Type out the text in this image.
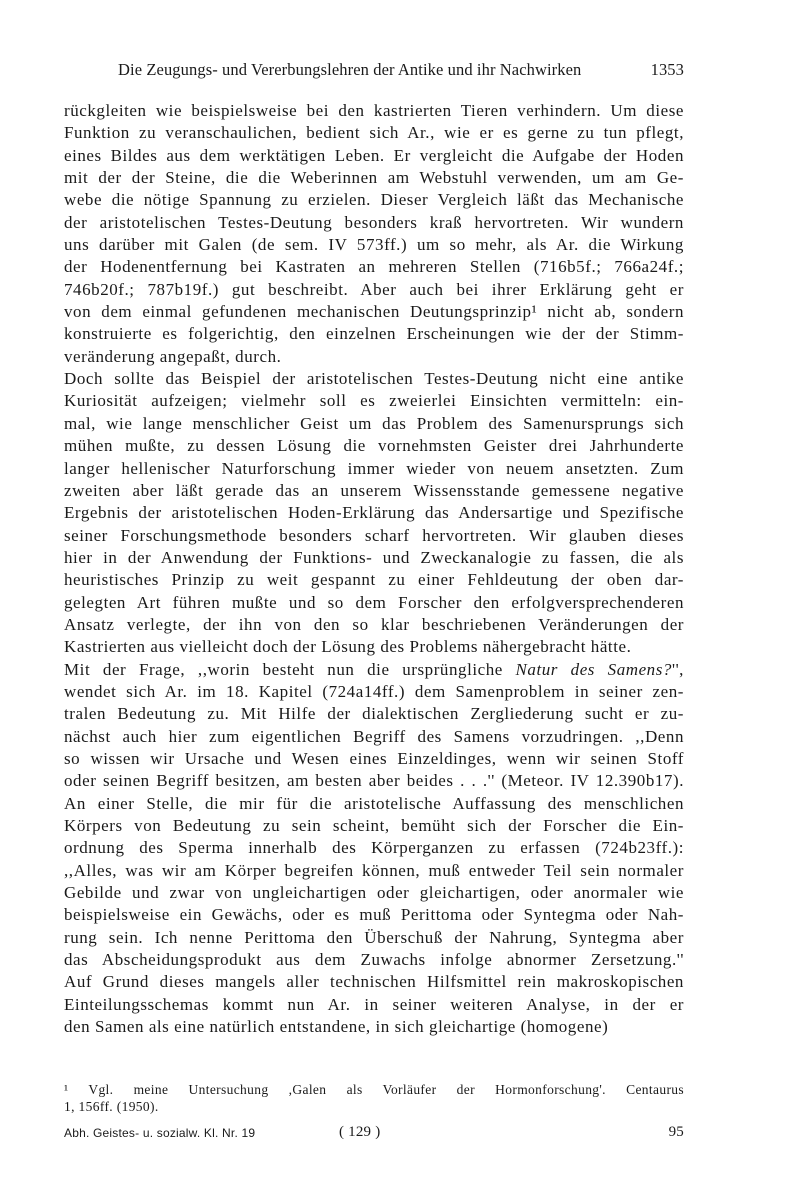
Die Zeugungs- und Vererbungslehren der Antike und ihr Nachwirken	1353
rückgleiten wie beispielsweise bei den kastrierten Tieren verhindern. Um diese
Funktion zu veranschaulichen, bedient sich Ar., wie er es gerne zu tun pflegt,
eines Bildes aus dem werktätigen Leben. Er vergleicht die Aufgabe der Hoden
mit der der Steine, die die Weberinnen am Webstuhl verwenden, um am Ge-
webe die nötige Spannung zu erzielen. Dieser Vergleich läßt das Mechanische
der aristotelischen Testes-Deutung besonders kraß hervortreten. Wir wundern
uns darüber mit Galen (de sem. IV 573ff.) um so mehr, als Ar. die Wirkung
der Hodenentfernung bei Kastraten an mehreren Stellen (716b5f.; 766a24f.;
746b20f.; 787b19f.) gut beschreibt. Aber auch bei ihrer Erklärung geht er
von dem einmal gefundenen mechanischen Deutungsprinzip¹ nicht ab, sondern
konstruierte es folgerichtig, den einzelnen Erscheinungen wie der der Stimm-
veränderung angepaßt, durch.
Doch sollte das Beispiel der aristotelischen Testes-Deutung nicht eine antike
Kuriosität aufzeigen; vielmehr soll es zweierlei Einsichten vermitteln: ein-
mal, wie lange menschlicher Geist um das Problem des Samenursprungs sich
mühen mußte, zu dessen Lösung die vornehmsten Geister drei Jahrhunderte
langer hellenischer Naturforschung immer wieder von neuem ansetzten. Zum
zweiten aber läßt gerade das an unserem Wissensstande gemessene negative
Ergebnis der aristotelischen Hoden-Erklärung das Andersartige und Spezifische
seiner Forschungsmethode besonders scharf hervortreten. Wir glauben dieses
hier in der Anwendung der Funktions- und Zweckanalogie zu fassen, die als
heuristisches Prinzip zu weit gespannt zu einer Fehldeutung der oben dar-
gelegten Art führen mußte und so dem Forscher den erfolgversprechenderen
Ansatz verlegte, der ihn von den so klar beschriebenen Veränderungen der
Kastrierten aus vielleicht doch der Lösung des Problems nähergebracht hätte.
Mit der Frage, ,,worin besteht nun die ursprüngliche Natur des Samens?'',
wendet sich Ar. im 18. Kapitel (724a14ff.) dem Samenproblem in seiner zen-
tralen Bedeutung zu. Mit Hilfe der dialektischen Zergliederung sucht er zu-
nächst auch hier zum eigentlichen Begriff des Samens vorzudringen. ,,Denn
so wissen wir Ursache und Wesen eines Einzeldinges, wenn wir seinen Stoff
oder seinen Begriff besitzen, am besten aber beides . . .'' (Meteor. IV 12.390b17).
An einer Stelle, die mir für die aristotelische Auffassung des menschlichen
Körpers von Bedeutung zu sein scheint, bemüht sich der Forscher die Ein-
ordnung des Sperma innerhalb des Körperganzen zu erfassen (724b23ff.):
,,Alles, was wir am Körper begreifen können, muß entweder Teil sein normaler
Gebilde und zwar von ungleichartigen oder gleichartigen, oder anormaler wie
beispielsweise ein Gewächs, oder es muß Perittoma oder Syntegma oder Nah-
rung sein. Ich nenne Perittoma den Überschuß der Nahrung, Syntegma aber
das Abscheidungsprodukt aus dem Zuwachs infolge abnormer Zersetzung.''
Auf Grund dieses mangels aller technischen Hilfsmittel rein makroskopischen
Einteilungsschemas kommt nun Ar. in seiner weiteren Analyse, in der er
den Samen als eine natürlich entstandene, in sich gleichartige (homogene)
¹ Vgl. meine Untersuchung ,Galen als Vorläufer der Hormonforschung'. Centaurus
1, 156ff. (1950).
Abh. Geistes- u. sozialw. Kl. Nr. 19	( 129 )	95
